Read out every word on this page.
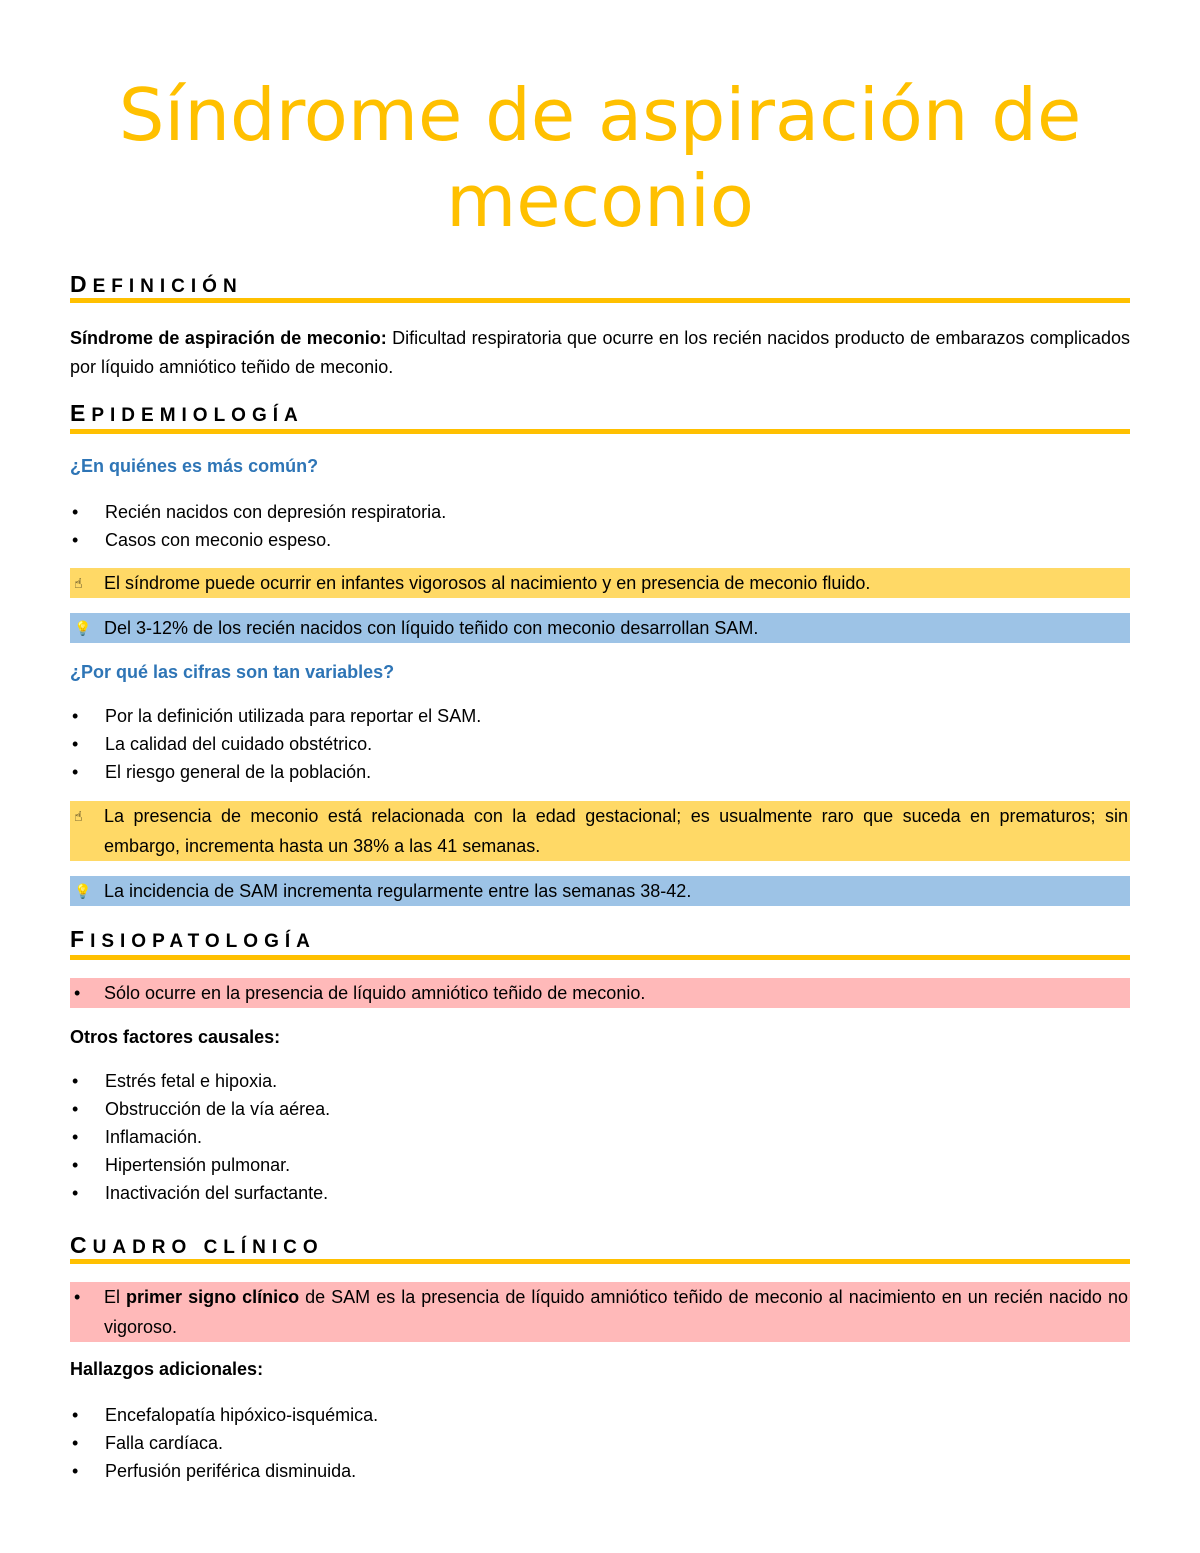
Síndrome de aspiración de meconio
DEFINICIÓN
Síndrome de aspiración de meconio: Dificultad respiratoria que ocurre en los recién nacidos producto de embarazos complicados por líquido amniótico teñido de meconio.
EPIDEMIOLOGÍA
¿En quiénes es más común?
• Recién nacidos con depresión respiratoria.
• Casos con meconio espeso.
☝ El síndrome puede ocurrir en infantes vigorosos al nacimiento y en presencia de meconio fluido.
💡 Del 3-12% de los recién nacidos con líquido teñido con meconio desarrollan SAM.
¿Por qué las cifras son tan variables?
• Por la definición utilizada para reportar el SAM.
• La calidad del cuidado obstétrico.
• El riesgo general de la población.
☝ La presencia de meconio está relacionada con la edad gestacional; es usualmente raro que suceda en prematuros; sin embargo, incrementa hasta un 38% a las 41 semanas.
💡 La incidencia de SAM incrementa regularmente entre las semanas 38-42.
FISIOPATOLOGÍA
• Sólo ocurre en la presencia de líquido amniótico teñido de meconio.
Otros factores causales:
• Estrés fetal e hipoxia.
• Obstrucción de la vía aérea.
• Inflamación.
• Hipertensión pulmonar.
• Inactivación del surfactante.
CUADRO CLÍNICO
• El primer signo clínico de SAM es la presencia de líquido amniótico teñido de meconio al nacimiento en un recién nacido no vigoroso.
Hallazgos adicionales:
• Encefalopatía hipóxico-isquémica.
• Falla cardíaca.
• Perfusión periférica disminuida.
